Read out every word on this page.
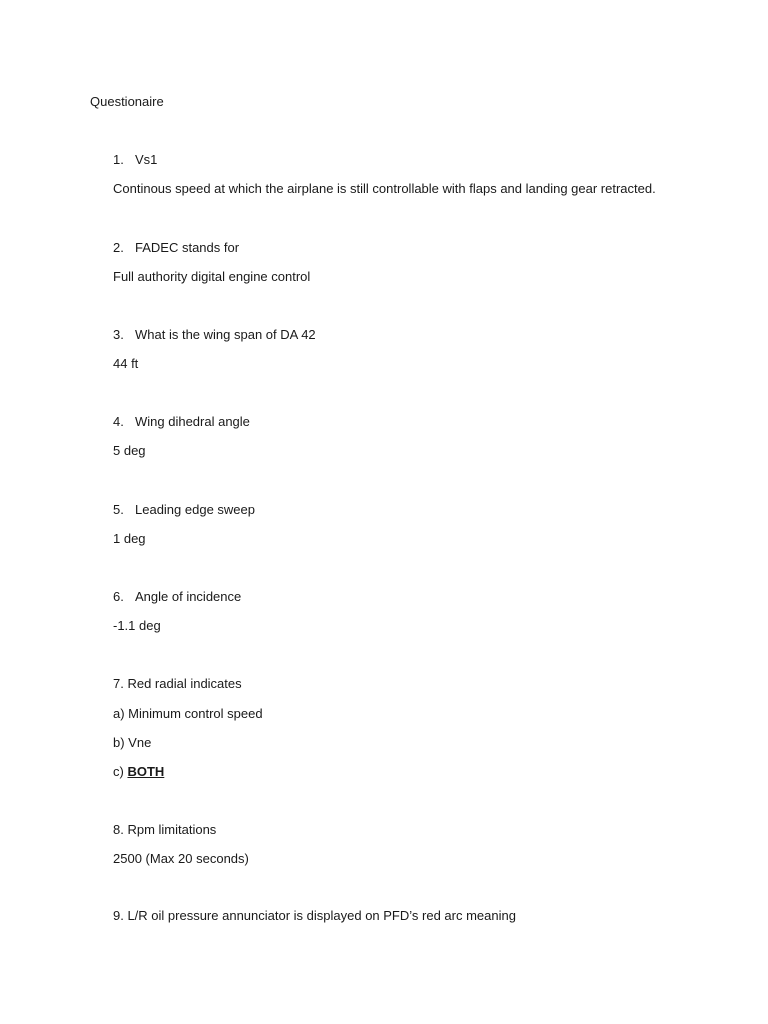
Questionaire
1. Vs1
Continous speed at which the airplane is still controllable with flaps and landing gear retracted.
2. FADEC stands for
Full authority digital engine control
3. What is the wing span of DA 42
44 ft
4. Wing dihedral angle
5 deg
5. Leading edge sweep
1 deg
6. Angle of incidence
-1.1 deg
7. Red radial indicates
a) Minimum control speed
b) Vne
c) BOTH
8. Rpm limitations
2500 (Max 20 seconds)
9. L/R oil pressure annunciator is displayed on PFD’s red arc meaning
